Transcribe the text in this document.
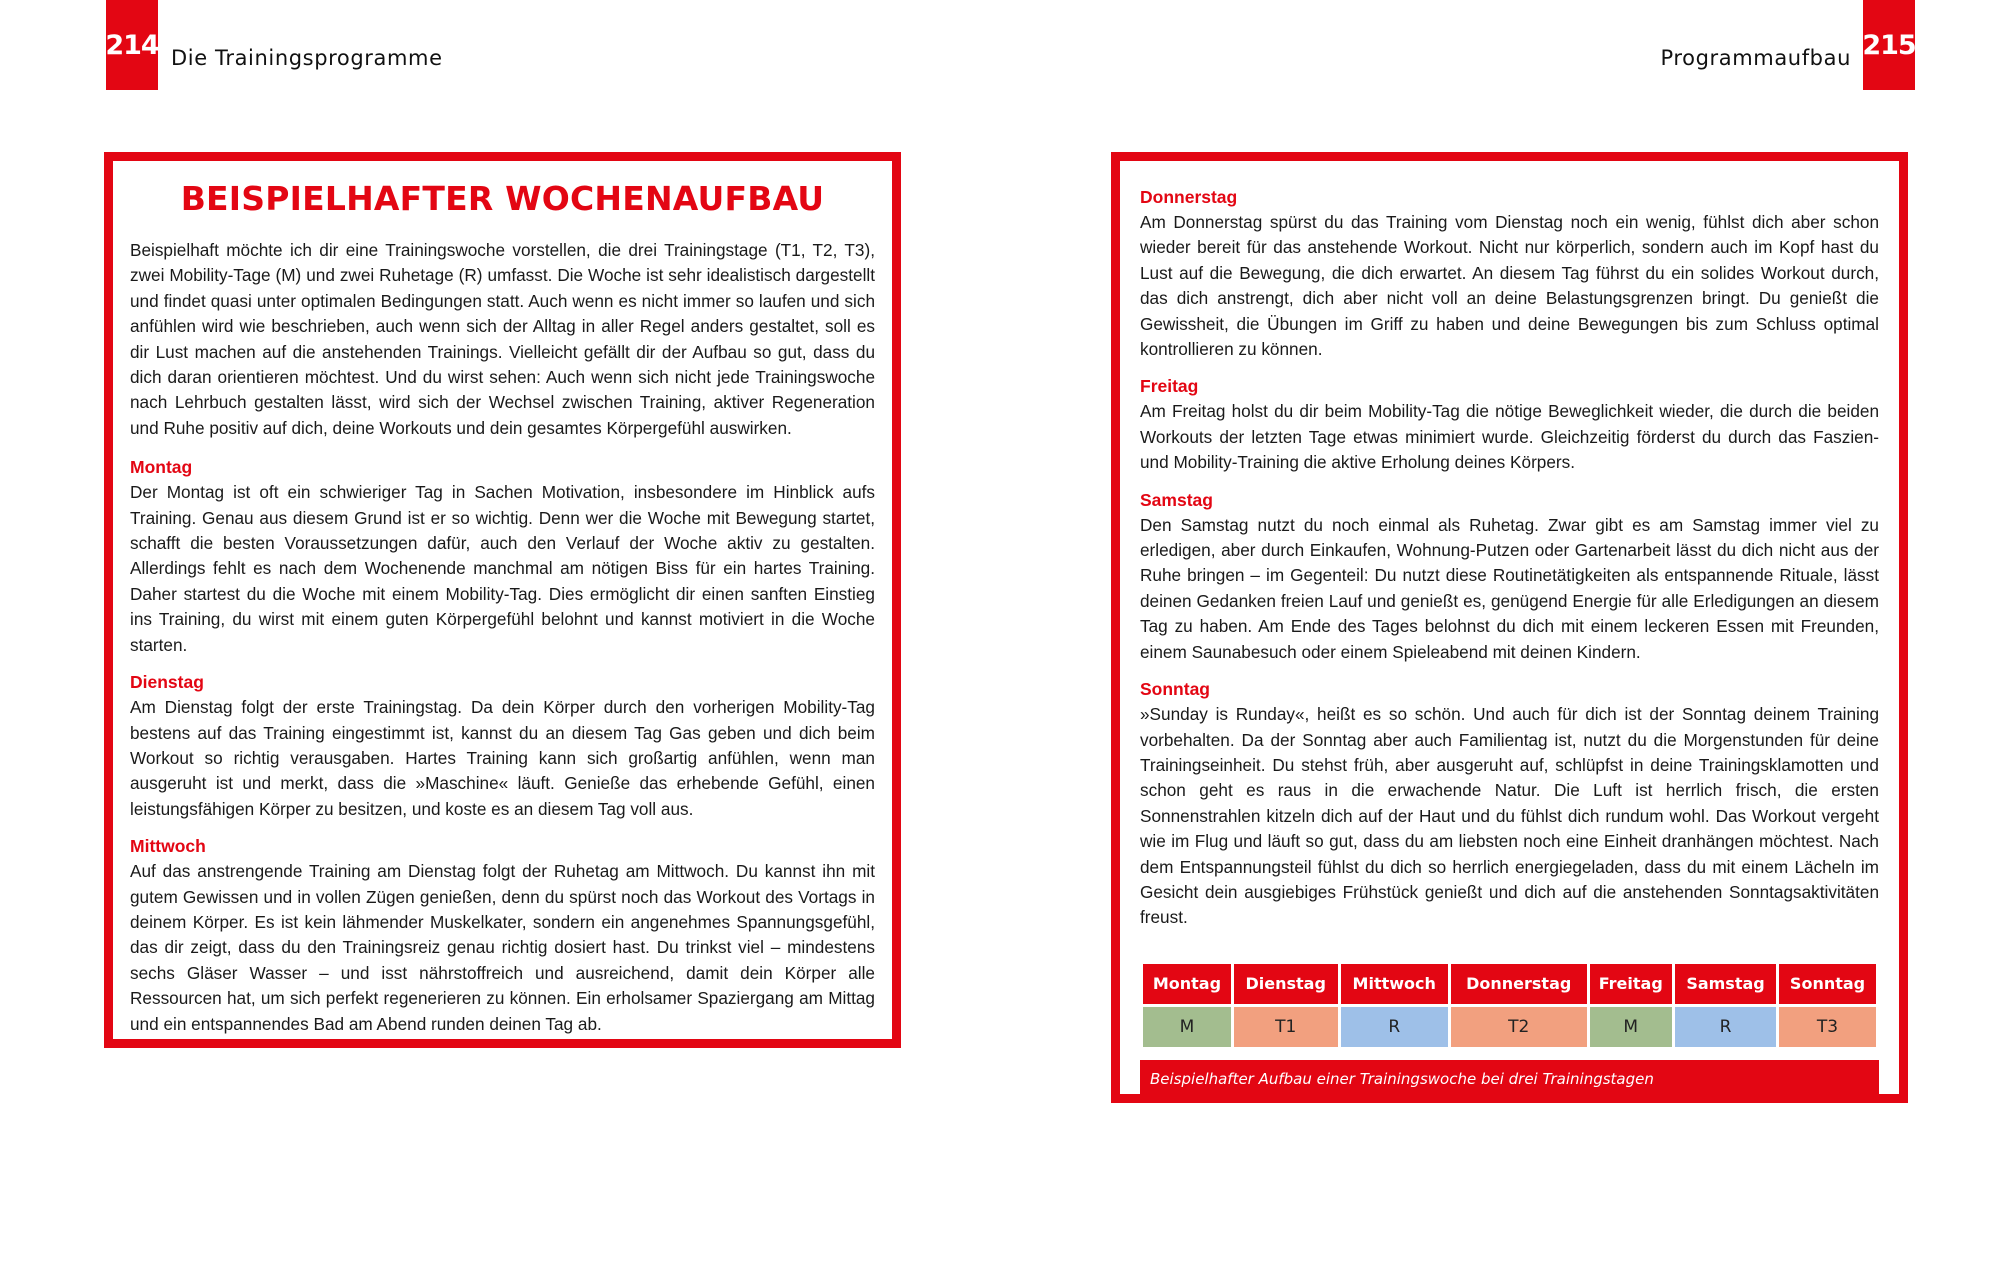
214 Die Trainingsprogramme	Programmaufbau 215
BEISPIELHAFTER WOCHENAUFBAU

Beispielhaft möchte ich dir eine Trainingswoche vorstellen, die drei Trainingstage (T1, T2, T3), zwei Mobility-Tage (M) und zwei Ruhetage (R) umfasst. Die Woche ist sehr idealistisch dargestellt und findet quasi unter optimalen Bedingungen statt. Auch wenn es nicht immer so laufen und sich anfühlen wird wie beschrieben, auch wenn sich der Alltag in aller Regel anders gestaltet, soll es dir Lust machen auf die anstehenden Trainings. Vielleicht gefällt dir der Aufbau so gut, dass du dich daran orientieren möchtest. Und du wirst sehen: Auch wenn sich nicht jede Trainingswoche nach Lehrbuch gestalten lässt, wird sich der Wechsel zwischen Training, aktiver Regeneration und Ruhe positiv auf dich, deine Workouts und dein gesamtes Körpergefühl auswirken.

Montag

Der Montag ist oft ein schwieriger Tag in Sachen Motivation, insbesondere im Hinblick aufs Training. Genau aus diesem Grund ist er so wichtig. Denn wer die Woche mit Bewegung startet, schafft die besten Voraussetzungen dafür, auch den Verlauf der Woche aktiv zu gestalten. Allerdings fehlt es nach dem Wochenende manchmal am nötigen Biss für ein hartes Training. Daher startest du die Woche mit einem Mobility-Tag. Dies ermöglicht dir einen sanften Einstieg ins Training, du wirst mit einem guten Körpergefühl belohnt und kannst motiviert in die Woche starten.

Dienstag

Am Dienstag folgt der erste Trainingstag. Da dein Körper durch den vorherigen Mobility-Tag bestens auf das Training eingestimmt ist, kannst du an diesem Tag Gas geben und dich beim Workout so richtig verausgaben. Hartes Training kann sich großartig anfühlen, wenn man ausgeruht ist und merkt, dass die »Maschine« läuft. Genieße das erhebende Gefühl, einen leistungsfähigen Körper zu besitzen, und koste es an diesem Tag voll aus.

Mittwoch

Auf das anstrengende Training am Dienstag folgt der Ruhetag am Mittwoch. Du kannst ihn mit gutem Gewissen und in vollen Zügen genießen, denn du spürst noch das Workout des Vortags in deinem Körper. Es ist kein lähmender Muskelkater, sondern ein angenehmes Spannungsgefühl, das dir zeigt, dass du den Trainingsreiz genau richtig dosiert hast. Du trinkst viel – mindestens sechs Gläser Wasser – und isst nährstoffreich und ausreichend, damit dein Körper alle Ressourcen hat, um sich perfekt regenerieren zu können. Ein erholsamer Spaziergang am Mittag und ein entspannendes Bad am Abend runden deinen Tag ab.

Donnerstag

Am Donnerstag spürst du das Training vom Dienstag noch ein wenig, fühlst dich aber schon wieder bereit für das anstehende Workout. Nicht nur körperlich, sondern auch im Kopf hast du Lust auf die Bewegung, die dich erwartet. An diesem Tag führst du ein solides Workout durch, das dich anstrengt, dich aber nicht voll an deine Belastungsgrenzen bringt. Du genießt die Gewissheit, die Übungen im Griff zu haben und deine Bewegungen bis zum Schluss optimal kontrollieren zu können.

Freitag

Am Freitag holst du dir beim Mobility-Tag die nötige Beweglichkeit wieder, die durch die beiden Workouts der letzten Tage etwas minimiert wurde. Gleichzeitig förderst du durch das Faszien- und Mobility-Training die aktive Erholung deines Körpers.

Samstag

Den Samstag nutzt du noch einmal als Ruhetag. Zwar gibt es am Samstag immer viel zu erledigen, aber durch Einkaufen, Wohnung-Putzen oder Gartenarbeit lässt du dich nicht aus der Ruhe bringen – im Gegenteil: Du nutzt diese Routinetätigkeiten als entspannende Rituale, lässt deinen Gedanken freien Lauf und genießt es, genügend Energie für alle Erledigungen an diesem Tag zu haben. Am Ende des Tages belohnst du dich mit einem leckeren Essen mit Freunden, einem Saunabesuch oder einem Spieleabend mit deinen Kindern.

Sonntag

»Sunday is Runday«, heißt es so schön. Und auch für dich ist der Sonntag deinem Training vorbehalten. Da der Sonntag aber auch Familientag ist, nutzt du die Morgenstunden für deine Trainingseinheit. Du stehst früh, aber ausgeruht auf, schlüpfst in deine Trainingsklamotten und schon geht es raus in die erwachende Natur. Die Luft ist herrlich frisch, die ersten Sonnenstrahlen kitzeln dich auf der Haut und du fühlst dich rundum wohl. Das Workout vergeht wie im Flug und läuft so gut, dass du am liebsten noch eine Einheit dranhängen möchtest. Nach dem Entspannungsteil fühlst du dich so herrlich energiegeladen, dass du mit einem Lächeln im Gesicht dein ausgiebiges Frühstück genießt und dich auf die anstehenden Sonntagsaktivitäten freust.

Montag	Dienstag	Mittwoch	Donnerstag	Freitag	Samstag	Sonntag
M	T1	R	T2	M	R	T3
Beispielhafter Aufbau einer Trainingswoche bei drei Trainingstagen
